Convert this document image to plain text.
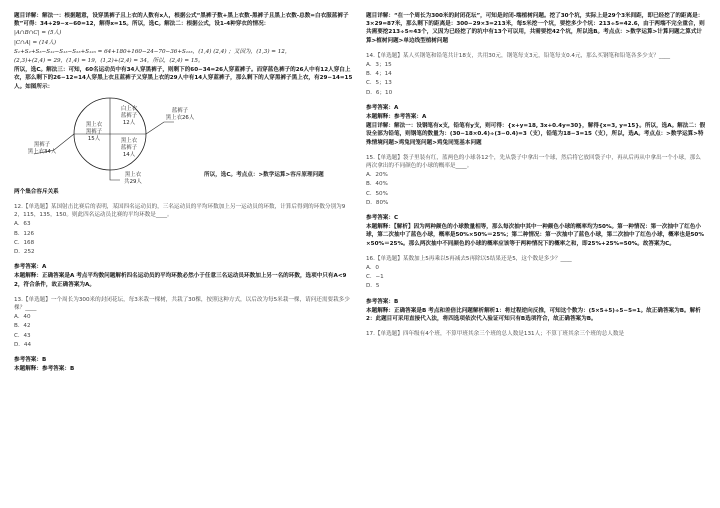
题目详解：解法一：根据题意，设穿黑裤子且上衣的人数有x人，根据公式“黑裤子数+黑上衣数-黑裤子且黑上衣数-总数=白衣服蓝裤子数”可得：34+29−x−60=12，解得x=15。所以，选C。解法二：根据公式，设1-4种穿衣的情况：
|A∩B∩C| = (5人)
|C∩A| = (14人)
S₁+S₂+S₃−S₁₂−S₁₃−S₂₃+S₁₂₃ = 64+180+160−24−70−36+S₁₂₃，(1,4) (2,4) ；又因为，(1,3) = 12，
(2,3)+(2,4) = 29，(1,4) = 19，(1,2)+(2,4) = 34，所以，(2,4) = 15。
所以，选C。解法三：可知，60名运动员中有34人穿黑裤子，则剩下的60−34=26人穿蓝裤子。而穿蓝色裤子的26人中有12人穿白上衣，那么剩下的26−12=14人穿黑上衣且蓝裤子又穿黑上衣的29人中有14人穿蓝裤子，那么剩下的人穿黑裤子黑上衣，有29−14=15人。如图所示：
黑裤子
黑上衣34人
白上衣
蓝裤子
12人
黑上衣
黑裤子
15人
蓝裤子
黑上衣26人
黑上衣
蓝裤子
14人
黑上衣
共29人
所以，选C。考点点：>数学运算>容斥原理问题
两个集合容斥关系
12.【单选题】某国射击比赛后的表明，某国四名运动员的，三名运动员的平均环数加上另一运动员的环数，计算后得到的环数分别为92，115，135，150。则此四名运动员比赛的平均环数是____。
A．63
B．126
C．168
D．252
参考答案：A
本题解释：正确答案是A 考点平均数问题解析四名运动员的平均环数必然小于任意三名运动员环数加上另一名的环数，选项中只有A<92，符合条件，故正确答案为A。
13.【单选题】一个周长为300米的封闭花坛，每3米栽一棵树，共栽了30棵，按照这种方式，以后改为每5米栽一棵，请问还需要栽多少棵？____
A．40
B．42
C．43
D．44
参考答案：B
本题解释：参考答案：B
题目详解：“在一个周长为300米的封闭花坛”，可知是封闭-端植树问题。挖了30个坑，实际上是29个3米间距，即已经挖了的距离是：3×29=87米，那么剩下的距离是：300−29×3=213米，每5米挖一个坑，要挖多少个坑：213÷5=42.6，由于两端不完全重合，则共需要挖213÷5≈43个，又因为已经挖了的坑中有13个可以用，共需要挖42个坑，所以选B。考点点：>数学运算>计算问题之算式计算>植树问题>单边线型植树问题
14.【单选题】某人买钢笔和铅笔共计18支，共用30元，钢笔每支3元，铅笔每支0.4元，那么买钢笔和铅笔各多少支？____
A．3；15
B．4；14
C．5；13
D．6；10
参考答案：A
本题解释：参考答案：A
题目详解：解法一：设钢笔有x支，铅笔有y支，则可得：{x+y=18, 3x+0.4y=30}，解得{x=3, y=15}。所以，选A。解法二：假设全部为铅笔，则钢笔的数量为：(30−18×0.4)÷(3−0.4)=3（支），铅笔为18−3=15（支），所以，选A。考点点：>数学运算>特殊情境问题>鸡兔同笼问题>鸡兔同笼基本问题
15.【单选题】袋子里装有红，蓝两色的小球各12个，先从袋子中拿出一个球，然后将它放回袋子中，再从后再从中拿出一个小球，那么两次拿出的不同颜色的小球的概率是____。
A．20%
B．40%
C．50%
D．80%
参考答案：C
本题解释：【解析】因为两种颜色的小球数量相等，那么每次抽中其中一种颜色小球的概率均为50%。第一种情况：第一次抽中了红色小球，第二次抽中了蓝色小球，概率是50%×50%＝25%；第二种情况：第一次抽中了蓝色小球，第二次抽中了红色小球，概率也是50%×50%＝25%。那么两次抽中不同颜色的小球的概率应该等于两种情况下的概率之和，即25%+25%=50%。故答案为C。
16.【单选题】某数加上5再乘以5再减去5再除以5结果还是5，这个数是多少？____
A．0
C．−1
D．5
参考答案：B
本题解释：正确答案是B 考点和差倍比问题解析解析1：将过程逆向反推，可知这个数为：(5×5+5)÷5−5=1。故正确答案为B。解析2：此题目可采用直接代入法，将四选项依次代入验证可知只有B选项符合，故正确答案为B。
17.【单选题】四年级有4个班，不算甲班其余三个班的总人数是131人；不算丁班其余三个班的总人数是
